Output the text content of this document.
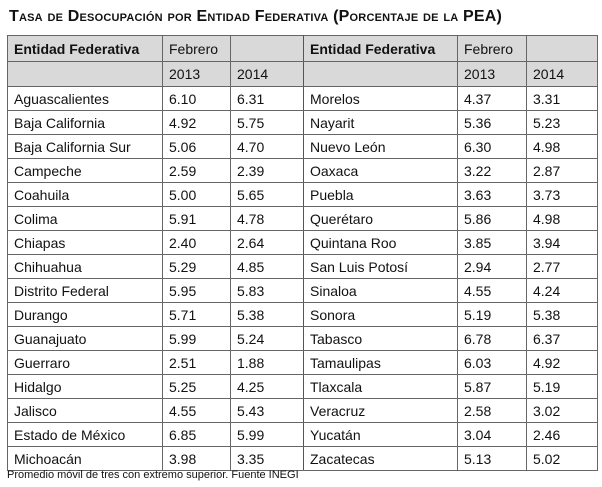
Tasa de Desocupación por Entidad Federativa (Porcentaje de la PEA)
Entidad Federativa	Febrero		Entidad Federativa	Febrero	
	2013	2014		2013	2014
Aguascalientes	6.10	6.31	Morelos	4.37	3.31
Baja California	4.92	5.75	Nayarit	5.36	5.23
Baja California Sur	5.06	4.70	Nuevo León	6.30	4.98
Campeche	2.59	2.39	Oaxaca	3.22	2.87
Coahuila	5.00	5.65	Puebla	3.63	3.73
Colima	5.91	4.78	Querétaro	5.86	4.98
Chiapas	2.40	2.64	Quintana Roo	3.85	3.94
Chihuahua	5.29	4.85	San Luis Potosí	2.94	2.77
Distrito Federal	5.95	5.83	Sinaloa	4.55	4.24
Durango	5.71	5.38	Sonora	5.19	5.38
Guanajuato	5.99	5.24	Tabasco	6.78	6.37
Guerraro	2.51	1.88	Tamaulipas	6.03	4.92
Hidalgo	5.25	4.25	Tlaxcala	5.87	5.19
Jalisco	4.55	5.43	Veracruz	2.58	3.02
Estado de México	6.85	5.99	Yucatán	3.04	2.46
Michoacán	3.98	3.35	Zacatecas	5.13	5.02
Promedio móvil de tres con extremo superior. Fuente INEGI
